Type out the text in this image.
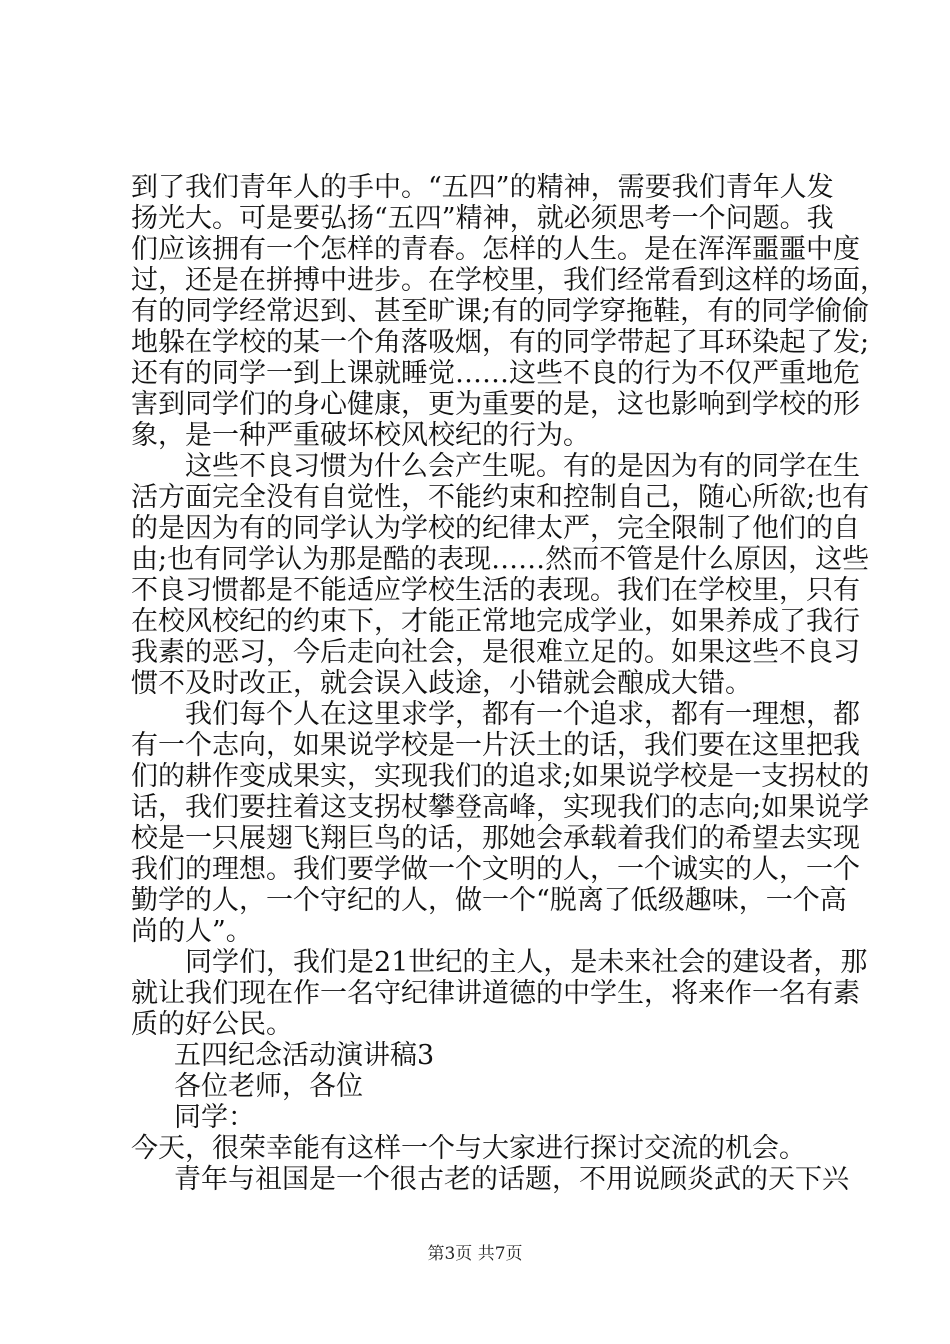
到了我们青年人的手中。“五四”的精神，需要我们青年人发
扬光大。可是要弘扬“五四”精神，就必须思考一个问题。我
们应该拥有一个怎样的青春。怎样的人生。是在浑浑噩噩中度
过，还是在拼搏中进步。在学校里，我们经常看到这样的场面，
有的同学经常迟到、甚至旷课;有的同学穿拖鞋，有的同学偷偷
地躲在学校的某一个角落吸烟，有的同学带起了耳环染起了发;
还有的同学一到上课就睡觉……这些不良的行为不仅严重地危
害到同学们的身心健康，更为重要的是，这也影响到学校的形
象，是一种严重破坏校风校纪的行为。
这些不良习惯为什么会产生呢。有的是因为有的同学在生
活方面完全没有自觉性，不能约束和控制自己，随心所欲;也有
的是因为有的同学认为学校的纪律太严，完全限制了他们的自
由;也有同学认为那是酷的表现……然而不管是什么原因，这些
不良习惯都是不能适应学校生活的表现。我们在学校里，只有
在校风校纪的约束下，才能正常地完成学业，如果养成了我行
我素的恶习，今后走向社会，是很难立足的。如果这些不良习
惯不及时改正，就会误入歧途，小错就会酿成大错。
我们每个人在这里求学，都有一个追求，都有一理想，都
有一个志向，如果说学校是一片沃土的话，我们要在这里把我
们的耕作变成果实，实现我们的追求;如果说学校是一支拐杖的
话，我们要拄着这支拐杖攀登高峰，实现我们的志向;如果说学
校是一只展翅飞翔巨鸟的话，那她会承载着我们的希望去实现
我们的理想。我们要学做一个文明的人，一个诚实的人，一个
勤学的人，一个守纪的人，做一个“脱离了低级趣味，一个高
尚的人”。
同学们，我们是21世纪的主人，是未来社会的建设者，那
就让我们现在作一名守纪律讲道德的中学生，将来作一名有素
质的好公民。
五四纪念活动演讲稿3
各位老师，各位
同学：
今天，很荣幸能有这样一个与大家进行探讨交流的机会。
青年与祖国是一个很古老的话题，不用说顾炎武的天下兴
第3页 共7页
